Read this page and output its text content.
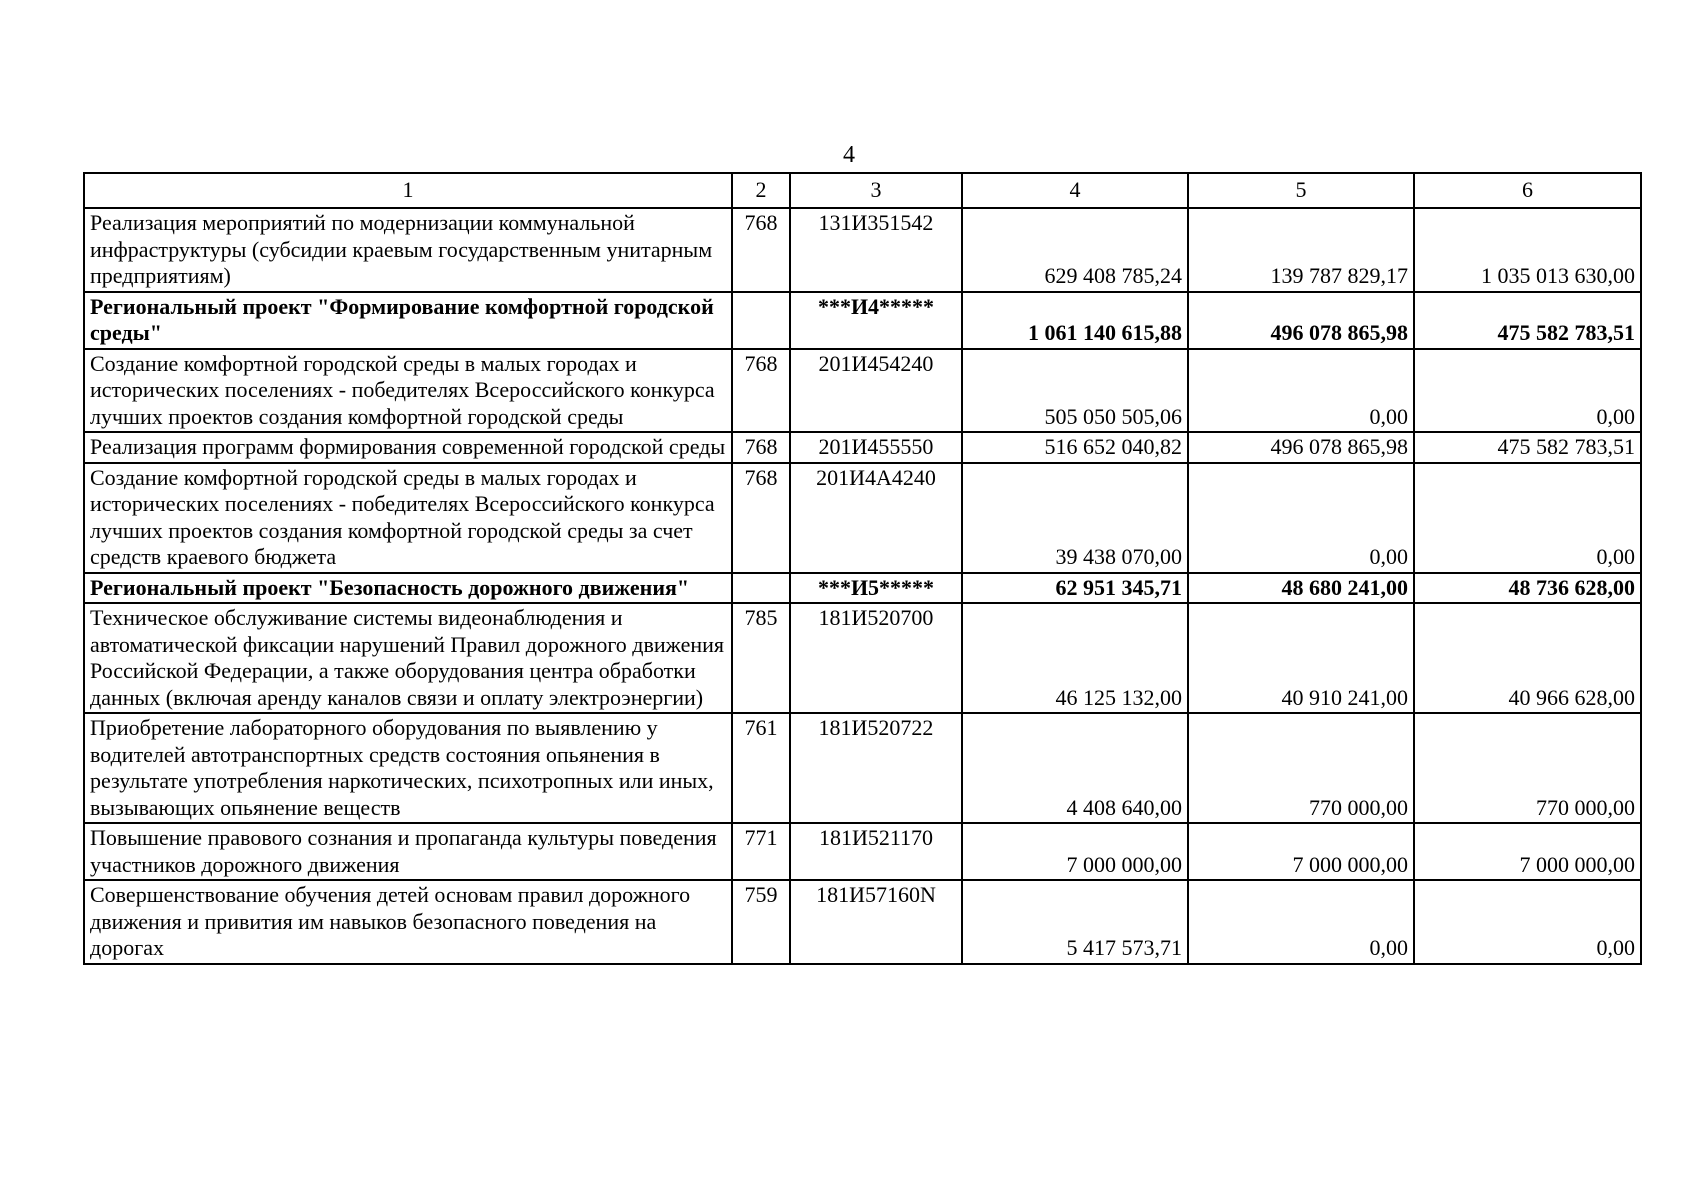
4
1	2	3	4	5	6
Реализация мероприятий по модернизации коммунальной инфраструктуры (субсидии краевым государственным унитарным предприятиям)	768	131И351542	629 408 785,24	139 787 829,17	1 035 013 630,00
Региональный проект "Формирование комфортной городской среды"		***И4*****	1 061 140 615,88	496 078 865,98	475 582 783,51
Создание комфортной городской среды в малых городах и исторических поселениях - победителях Всероссийского конкурса лучших проектов создания комфортной городской среды	768	201И454240	505 050 505,06	0,00	0,00
Реализация программ формирования современной городской среды	768	201И455550	516 652 040,82	496 078 865,98	475 582 783,51
Создание комфортной городской среды в малых городах и исторических поселениях - победителях Всероссийского конкурса лучших проектов создания комфортной городской среды за счет средств краевого бюджета	768	201И4А4240	39 438 070,00	0,00	0,00
Региональный проект "Безопасность дорожного движения"		***И5*****	62 951 345,71	48 680 241,00	48 736 628,00
Техническое обслуживание системы видеонаблюдения и автоматической фиксации нарушений Правил дорожного движения Российской Федерации, а также оборудования центра обработки данных (включая аренду каналов связи и оплату электроэнергии)	785	181И520700	46 125 132,00	40 910 241,00	40 966 628,00
Приобретение лабораторного оборудования по выявлению у водителей автотранспортных средств состояния опьянения в результате употребления наркотических, психотропных или иных, вызывающих опьянение веществ	761	181И520722	4 408 640,00	770 000,00	770 000,00
Повышение правового сознания и пропаганда культуры поведения участников дорожного движения	771	181И521170	7 000 000,00	7 000 000,00	7 000 000,00
Совершенствование обучения детей основам правил дорожного движения и привития им навыков безопасного поведения на дорогах	759	181И57160N	5 417 573,71	0,00	0,00
